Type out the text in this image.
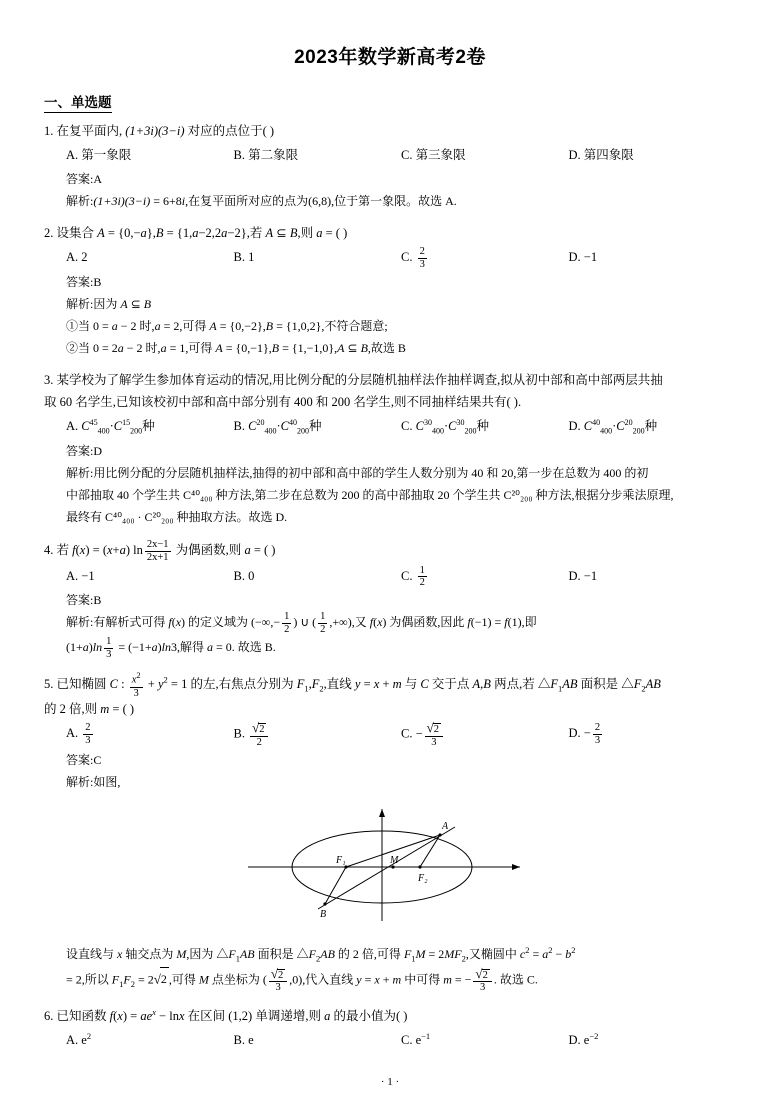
2023年数学新高考2卷
一、单选题
1. 在复平面内, (1+3i)(3−i) 对应的点位于( )
A. 第一象限	B. 第二象限	C. 第三象限	D. 第四象限
答案:A
解析:(1+3i)(3−i) = 6+8i,在复平面所对应的点为(6,8),位于第一象限。故选 A.
2. 设集合 A = {0,−a},B = {1,a−2,2a−2},若 A ⊆ B,则 a = ( )
A. 2	B. 1	C. $\frac{2}{3}$	D. −1
答案:B
解析:因为 A ⊆ B
①当 0 = a − 2 时,a = 2,可得 A = {0,−2},B = {1,0,2},不符合题意;
②当 0 = 2a − 2 时,a = 1,可得 A = {0,−1},B = {1,−1,0},A ⊆ B,故选 B
3. 某学校为了解学生参加体育运动的情况,用比例分配的分层随机抽样法作抽样调查,拟从初中部和高中部两层共抽
取 60 名学生,已知该校初中部和高中部分别有 400 和 200 名学生,则不同抽样结果共有( ).
A. $C^{45}_{400}\cdot C^{15}_{200}$种	B. $C^{20}_{400}\cdot C^{40}_{200}$种	C. $C^{30}_{400}\cdot C^{30}_{200}$种	D. $C^{40}_{400}\cdot C^{20}_{200}$种
答案:D
解析:用比例分配的分层随机抽样法,抽得的初中部和高中部的学生人数分别为 40 和 20,第一步在总数为 400 的初
中部抽取 40 个学生共 C⁴⁰₄₀₀ 种方法,第二步在总数为 200 的高中部抽取 20 个学生共 C²⁰₂₀₀ 种方法,根据分步乘法原理,
最终有 C⁴⁰₄₀₀ · C²⁰₂₀₀ 种抽取方法。故选 D.
4. 若 f(x) = (x+a) $\ln \frac{2x-1}{2x+1}$ 为偶函数,则 a = ( )
A. −1	B. 0	C. $\frac{1}{2}$	D. −1
答案:B
解析:有解析式可得 f(x) 的定义域为 (−∞,− $\frac{1}{2}$ ) ∪ ( $\frac{1}{2}$ ,+∞),又 f(x) 为偶函数,因此 f(−1) = f(1),即
$(1+a)\ln \frac{1}{3} = (-1+a)\ln 3$,解得 a = 0. 故选 B.
5. 已知椭圆 C : $\frac{x^2}{3} + y^2 = 1$ 的左,右焦点分别为 $F_1,F_2$,直线 y = x + m 与 C 交于点 A,B 两点,若 $\triangle F_1AB$ 面积是 $\triangle F_2AB$
的 2 倍,则 m = ( )
A. $\frac{2}{3}$	B. $\frac{√2}{2}$	C. − $\frac{√2}{3}$	D. − $\frac{2}{3}$
答案:C
解析:如图,
A
B
M
F₁
F₂
设直线与 x 轴交点为 M,因为 $\triangle F_1AB$ 面积是 $\triangle F_2AB$ 的 2 倍,可得 $F_1M = 2MF_2$,又椭圆中 $c^2 = a^2 - b^2$
= 2,所以 $F_1F_2 = 2√2$ ,可得 M 点坐标为 ( $\frac{√2}{3} ,0$),代入直线 y = x + m 中可得 m = − $\frac{√2}{3}$ . 故选 C.
6. 已知函数 $f(x) = ae^x - \ln x$ 在区间 (1,2) 单调递增,则 a 的最小值为( )
A. $e^2$	B. e	C. $e^{-1}$	D. $e^{-2}$
· 1 ·
